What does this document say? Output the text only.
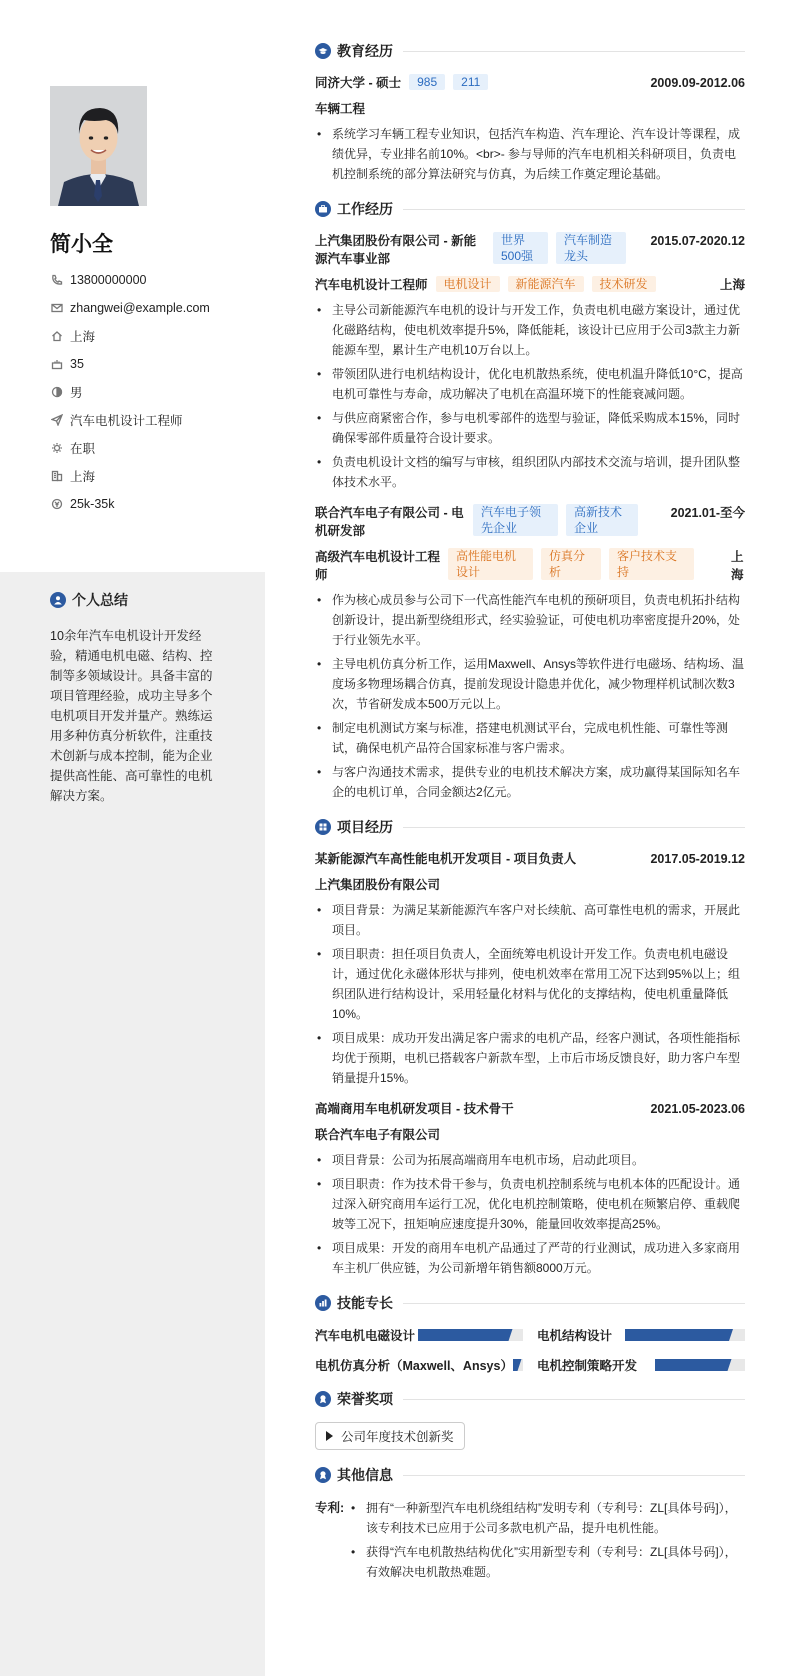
简小全
13800000000
zhangwei@example.com
上海
35
男
汽车电机设计工程师
在职
上海
25k-35k
个人总结
10余年汽车电机设计开发经验，精通电机电磁、结构、控制等多领域设计。具备丰富的项目管理经验，成功主导多个电机项目开发并量产。熟练运用多种仿真分析软件，注重技术创新与成本控制，能为企业提供高性能、高可靠性的电机解决方案。
教育经历
同济大学 - 硕士	985	211	2009.09-2012.06
车辆工程
• 系统学习车辆工程专业知识，包括汽车构造、汽车理论、汽车设计等课程，成绩优异，专业排名前10%。<br>- 参与导师的汽车电机相关科研项目，负责电机控制系统的部分算法研究与仿真，为后续工作奠定理论基础。
工作经历
上汽集团股份有限公司 - 新能源汽车事业部
世界500强
汽车制造龙头
2015.07-2020.12
汽车电机设计工程师	电机设计	新能源汽车	技术研发	上海
• 主导公司新能源汽车电机的设计与开发工作，负责电机电磁方案设计，通过优化磁路结构，使电机效率提升5%，降低能耗，该设计已应用于公司3款主力新能源车型，累计生产电机10万台以上。
• 带领团队进行电机结构设计，优化电机散热系统，使电机温升降低10°C，提高电机可靠性与寿命，成功解决了电机在高温环境下的性能衰减问题。
• 与供应商紧密合作，参与电机零部件的选型与验证，降低采购成本15%，同时确保零部件质量符合设计要求。
• 负责电机设计文档的编写与审核，组织团队内部技术交流与培训，提升团队整体技术水平。
联合汽车电子有限公司 - 电机研发部
汽车电子领先企业
高新技术企业
2021.01-至今
高级汽车电机设计工程师
高性能电机设计
仿真分析
客户技术支持
上海
• 作为核心成员参与公司下一代高性能汽车电机的预研项目，负责电机拓扑结构创新设计，提出新型绕组形式，经实验验证，可使电机功率密度提升20%，处于行业领先水平。
• 主导电机仿真分析工作，运用Maxwell、Ansys等软件进行电磁场、结构场、温度场多物理场耦合仿真，提前发现设计隐患并优化，减少物理样机试制次数3次，节省研发成本500万元以上。
• 制定电机测试方案与标准，搭建电机测试平台，完成电机性能、可靠性等测试，确保电机产品符合国家标准与客户需求。
• 与客户沟通技术需求，提供专业的电机技术解决方案，成功赢得某国际知名车企的电机订单，合同金额达2亿元。
项目经历
某新能源汽车高性能电机开发项目 - 项目负责人	2017.05-2019.12
上汽集团股份有限公司
• 项目背景：为满足某新能源汽车客户对长续航、高可靠性电机的需求，开展此项目。
• 项目职责：担任项目负责人，全面统筹电机设计开发工作。负责电机电磁设计，通过优化永磁体形状与排列，使电机效率在常用工况下达到95%以上；组织团队进行结构设计，采用轻量化材料与优化的支撑结构，使电机重量降低10%。
• 项目成果：成功开发出满足客户需求的电机产品，经客户测试，各项性能指标均优于预期，电机已搭载客户新款车型，上市后市场反馈良好，助力客户车型销量提升15%。
高端商用车电机研发项目 - 技术骨干	2021.05-2023.06
联合汽车电子有限公司
• 项目背景：公司为拓展高端商用车电机市场，启动此项目。
• 项目职责：作为技术骨干参与，负责电机控制系统与电机本体的匹配设计。通过深入研究商用车运行工况，优化电机控制策略，使电机在频繁启停、重载爬坡等工况下，扭矩响应速度提升30%，能量回收效率提高25%。
• 项目成果：开发的商用车电机产品通过了严苛的行业测试，成功进入多家商用车主机厂供应链，为公司新增年销售额8000万元。
技能专长
汽车电机电磁设计	电机结构设计
电机仿真分析（Maxwell、Ansys） 电机控制策略开发
荣誉奖项
公司年度技术创新奖
其他信息
专利:
•	拥有“一种新型汽车电机绕组结构”发明专利（专利号：ZL[具体号码]），该专利技术已应用于公司多款电机产品，提升电机性能。
• 获得“汽车电机散热结构优化”实用新型专利（专利号：ZL[具体号码]），有效解决电机散热难题。
